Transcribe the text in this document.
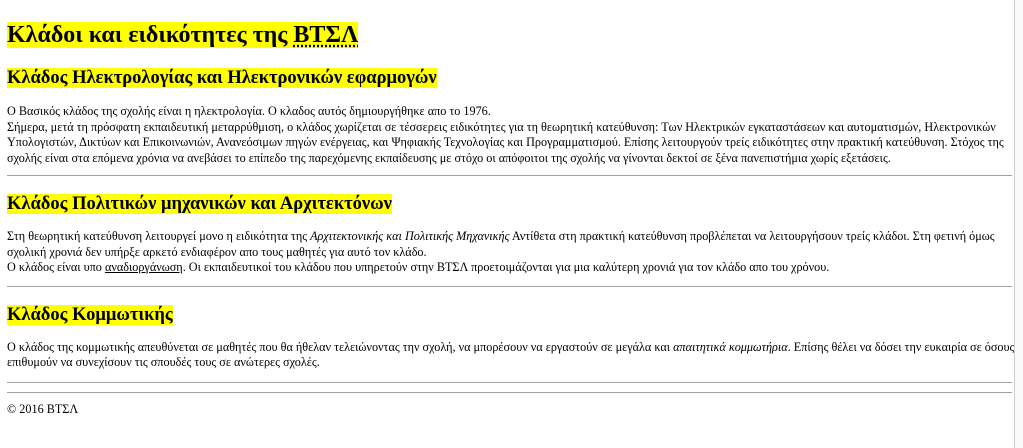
Κλάδοι και ειδικότητες της ΒΤΣΛ
Κλάδος Ηλεκτρολογίας και Ηλεκτρονικών εφαρμογών

Ο Βασικός κλάδος της σχολής είναι η ηλεκτρολογία. Ο κλαδος αυτός δημιουργήθηκε απο το 1976.

Σήμερα, μετά τη πρόσφατη εκπαιδευτική μεταρρύθμιση, ο κλάδος χωρίζεται σε τέσσερεις ειδικότητες για τη θεωρητική κατεύθυνση: Των Ηλεκτρικών εγκαταστάσεων και αυτοματισμών, Ηλεκτρονικών Υπολογιστών, Δικτύων και Επικοινωνιών, Ανανεόσιμων πηγών ενέργειας, και Ψηφιακής Τεχνολογίας και Προγραμματισμού. Επίσης λειτουργούν τρείς ειδικότητες στην πρακτική κατεύθυνση. Στόχος της σχολής είναι στα επόμενα χρόνια να ανεβάσει το επίπεδο της παρεχόμενης εκπαίδευσης με στόχο οι απόφοιτοι της σχολής να γίνονται δεκτοί σε ξένα πανεπιστήμια χωρίς εξετάσεις.

Κλάδος Πολιτικών μηχανικών και Αρχιτεκτόνων

Στη θεωρητική κατεύθυνση λειτουργεί μονο η ειδικότητα της Αρχιτεκτονικής και Πολιτικής Μηχανικής Αντίθετα στη πρακτική κατεύθυνση προβλέπεται να λειτουργήσουν τρείς κλάδοι. Στη φετινή όμως σχολική χρονιά δεν υπήρξε αρκετό ενδιαφέρον απο τους μαθητές για αυτό τον κλάδο.

Ο κλάδος είναι υπο αναδιοργάνωση. Οι εκπαιδευτικοί του κλάδου που υπηρετούν στην ΒΤΣΛ προετοιμάζονται για μια καλύτερη χρονιά για τον κλάδο απο του χρόνου.

Κλάδος Κομμωτικής

Ο κλάδος της κομμωτικής απευθύνεται σε μαθητές που θα ήθελαν τελειώνοντας την σχολή, να μπορέσουν να εργαστούν σε μεγάλα και απαιτητικά κομμωτήρια. Επίσης θέλει να δόσει την ευκαιρία σε όσους επιθυμούν να συνεχίσουν τις σπουδές τους σε ανώτερες σχολές.

© 2016 ΒΤΣΛ
